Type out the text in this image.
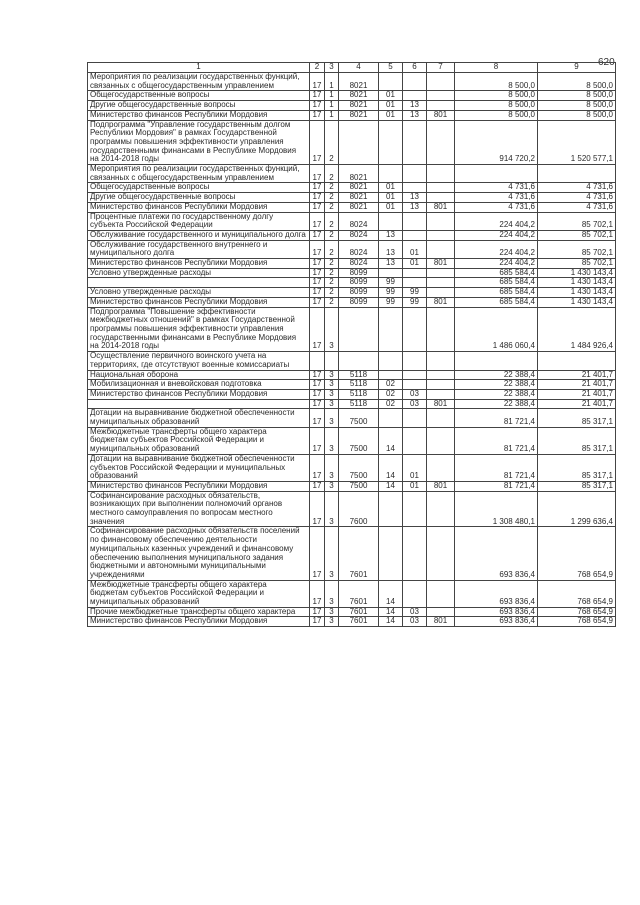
620
1	2	3	4	5	6	7	8	9
Мероприятия по реализации государственных функций, связанных с общегосударственным управлением	17	1	8021				8 500,0	8 500,0
Общегосударственные вопросы	17	1	8021	01			8 500,0	8 500,0
Другие общегосударственные вопросы	17	1	8021	01	13		8 500,0	8 500,0
Министерство финансов Республики Мордовия	17	1	8021	01	13	801	8 500,0	8 500,0
Подпрограмма "Управление государственным долгом Республики Мордовия" в рамках Государственной программы повышения эффективности управления государственными финансами в Республике Мордовия на 2014-2018 годы	17	2					914 720,2	1 520 577,1
Мероприятия по реализации государственных функций, связанных с общегосударственным управлением	17	2	8021					
Общегосударственные вопросы	17	2	8021	01			4 731,6	4 731,6
Другие общегосударственные вопросы	17	2	8021	01	13		4 731,6	4 731,6
Министерство финансов Республики Мордовия	17	2	8021	01	13	801	4 731,6	4 731,6
Процентные платежи по государственному долгу субъекта Российской Федерации	17	2	8024				224 404,2	85 702,1
Обслуживание государственного и муниципального долга	17	2	8024	13			224 404,2	85 702,1
Обслуживание государственного внутреннего и муниципального долга	17	2	8024	13	01		224 404,2	85 702,1
Министерство финансов Республики Мордовия	17	2	8024	13	01	801	224 404,2	85 702,1
Условно утвержденные расходы	17	2	8099				685 584,4	1 430 143,4
	17	2	8099	99			685 584,4	1 430 143,4
Условно утвержденные расходы	17	2	8099	99	99		685 584,4	1 430 143,4
Министерство финансов Республики Мордовия	17	2	8099	99	99	801	685 584,4	1 430 143,4
Подпрограмма "Повышение эффективности межбюджетных отношений" в рамках Государственной программы повышения эффективности управления государственными финансами в Республике Мордовия на 2014-2018 годы	17	3					1 486 060,4	1 484 926,4
Осуществление первичного воинского учета на территориях, где отсутствуют военные комиссариаты								
Национальная оборона	17	3	5118				22 388,4	21 401,7
Мобилизационная и вневойсковая подготовка	17	3	5118	02			22 388,4	21 401,7
Министерство финансов Республики Мордовия	17	3	5118	02	03		22 388,4	21 401,7
	17	3	5118	02	03	801	22 388,4	21 401,7
Дотации на выравнивание бюджетной обеспеченности муниципальных образований	17	3	7500				81 721,4	85 317,1
Межбюджетные трансферты общего характера бюджетам субъектов Российской Федерации и муниципальных образований	17	3	7500	14			81 721,4	85 317,1
Дотации на выравнивание бюджетной обеспеченности субъектов Российской Федерации и муниципальных образований	17	3	7500	14	01		81 721,4	85 317,1
Министерство финансов Республики Мордовия	17	3	7500	14	01	801	81 721,4	85 317,1
Софинансирование расходных обязательств, возникающих при выполнении полномочий органов местного самоуправления по вопросам местного значения	17	3	7600				1 308 480,1	1 299 636,4
Софинансирование расходных обязательств поселений по финансовому обеспечению деятельности муниципальных казенных учреждений и финансовому обеспечению выполнения муниципального задания бюджетными и автономными муниципальными учреждениями	17	3	7601				693 836,4	768 654,9
Межбюджетные трансферты общего характера бюджетам субъектов Российской Федерации и муниципальных образований	17	3	7601	14			693 836,4	768 654,9
Прочие межбюджетные трансферты общего характера	17	3	7601	14	03		693 836,4	768 654,9
Министерство финансов Республики Мордовия	17	3	7601	14	03	801	693 836,4	768 654,9
